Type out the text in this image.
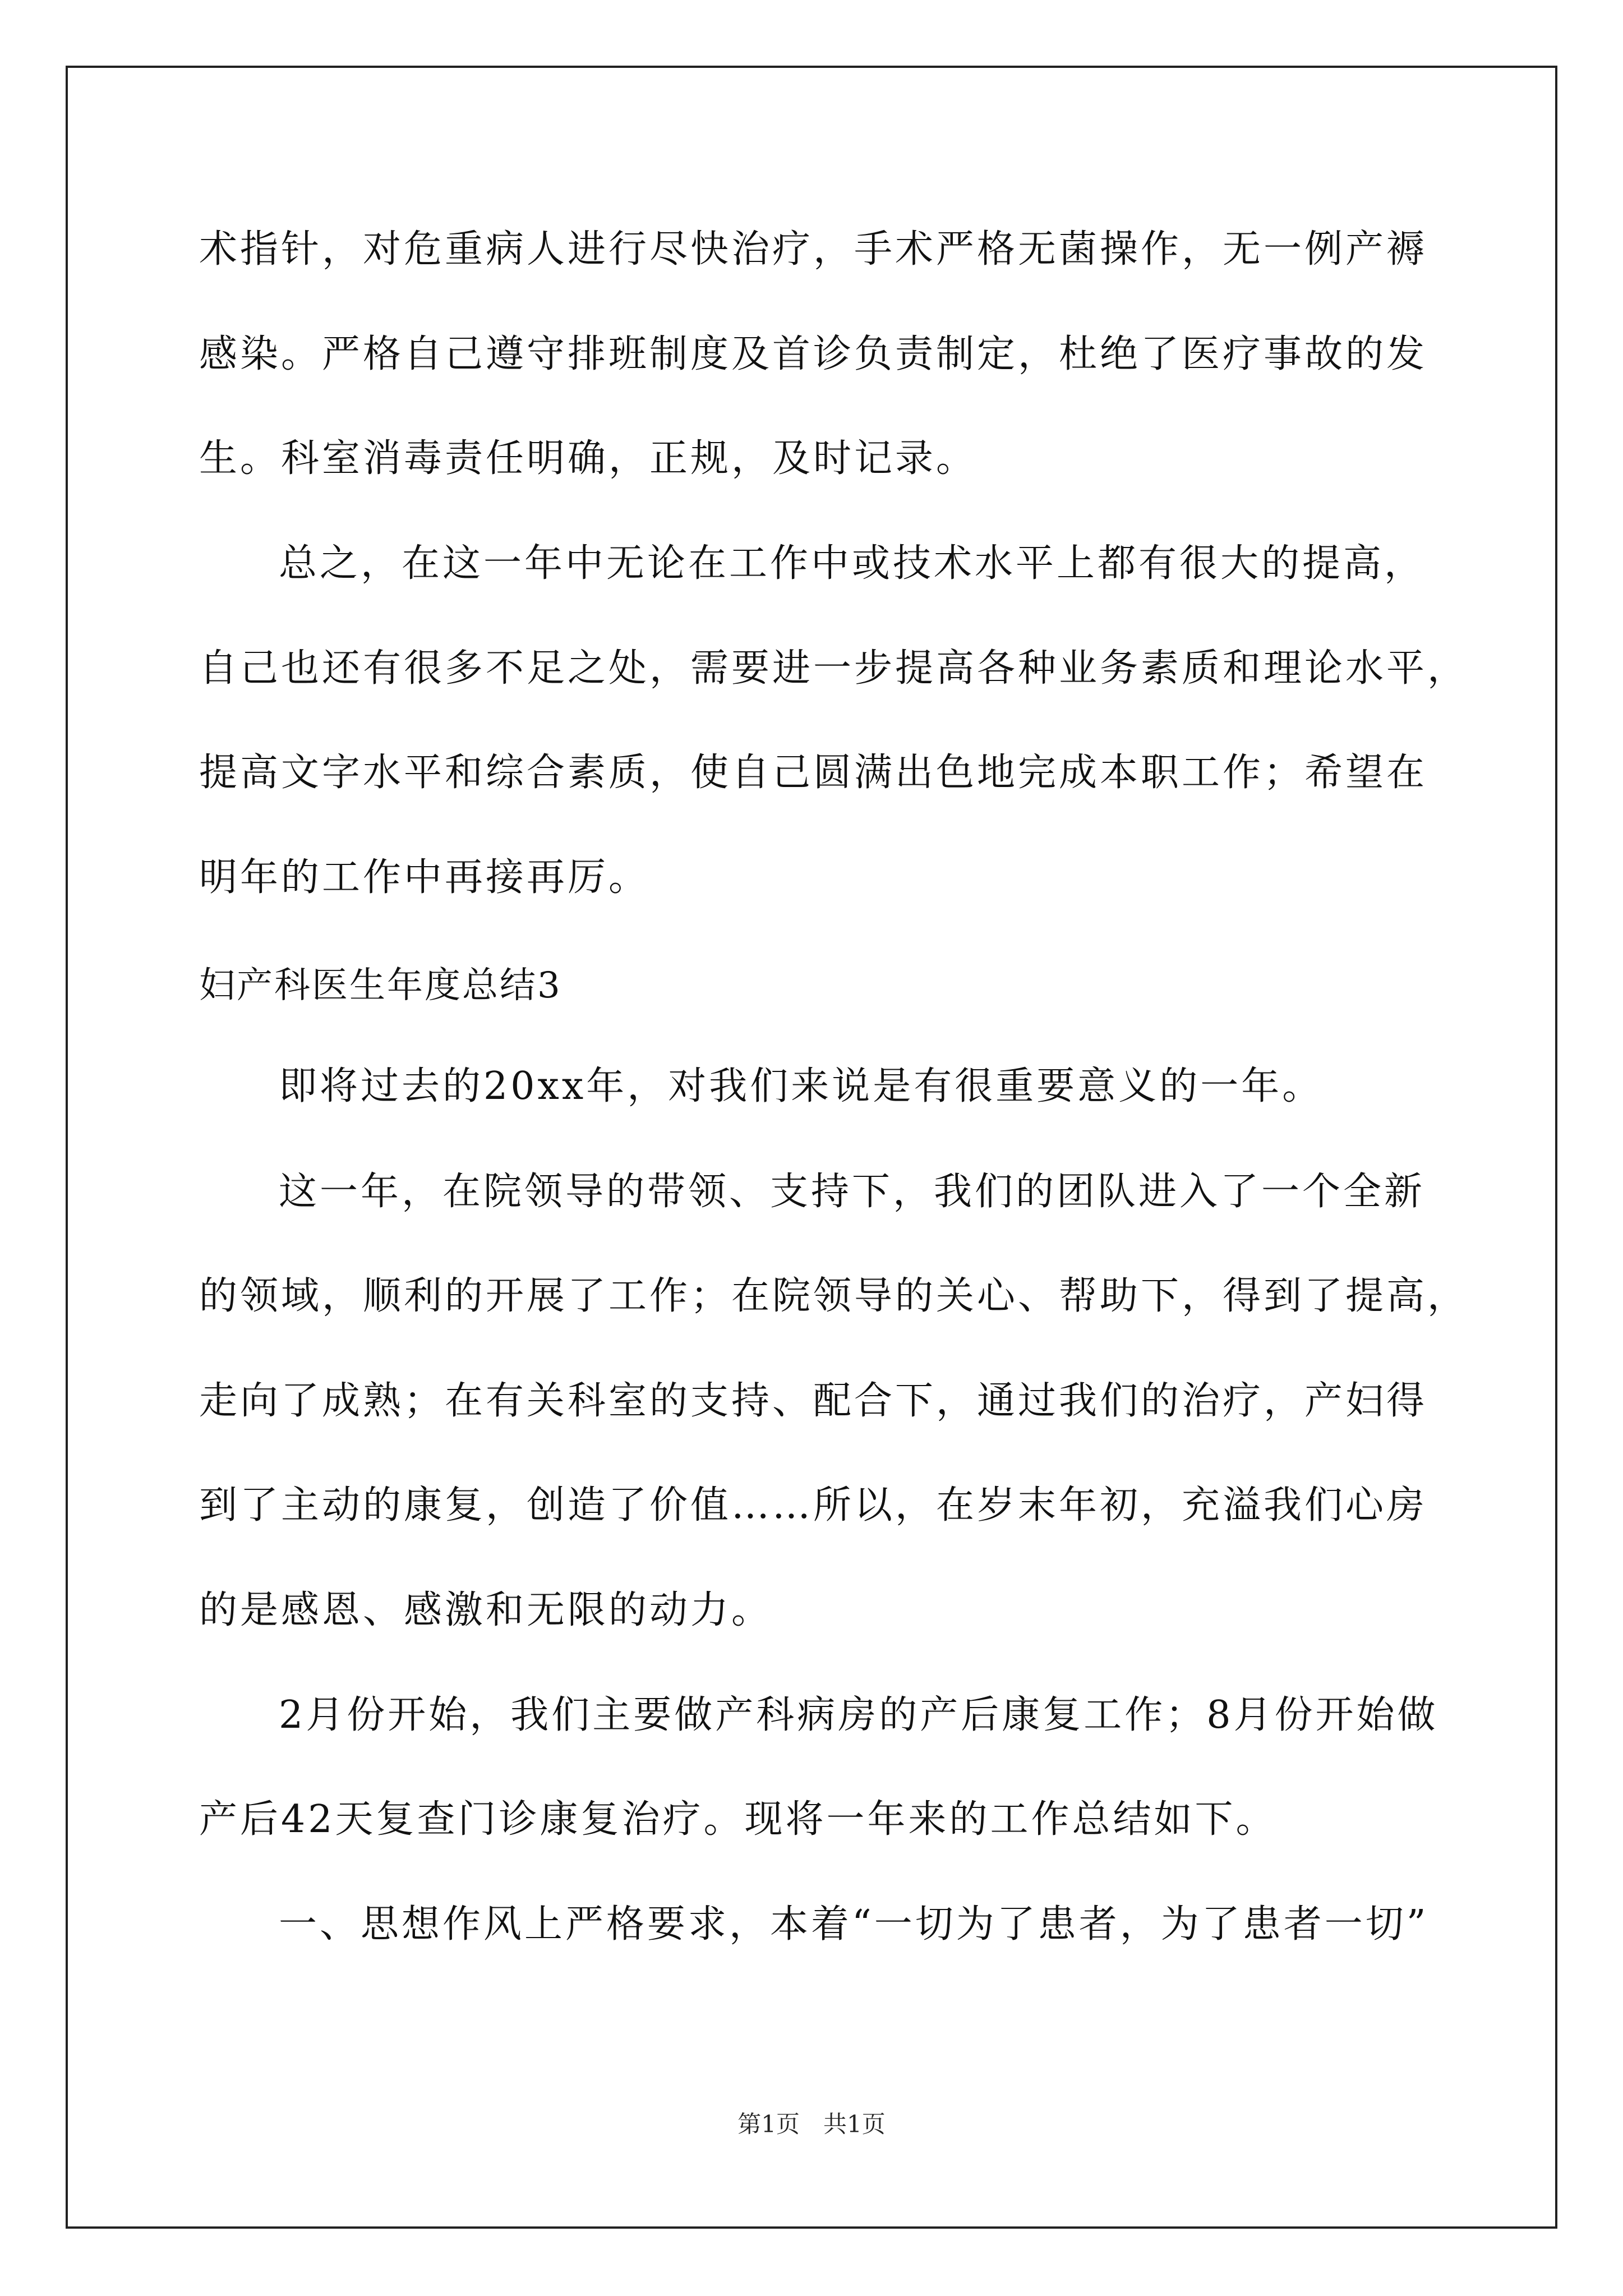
术指针，对危重病人进行尽快治疗，手术严格无菌操作，无一例产褥
感染。严格自己遵守排班制度及首诊负责制定，杜绝了医疗事故的发
生。科室消毒责任明确，正规，及时记录。
总之，在这一年中无论在工作中或技术水平上都有很大的提高，
自己也还有很多不足之处，需要进一步提高各种业务素质和理论水平，
提高文字水平和综合素质，使自己圆满出色地完成本职工作；希望在
明年的工作中再接再厉。
妇产科医生年度总结3
即将过去的20xx年，对我们来说是有很重要意义的一年。
这一年，在院领导的带领、支持下，我们的团队进入了一个全新
的领域，顺利的开展了工作；在院领导的关心、帮助下，得到了提高，
走向了成熟；在有关科室的支持、配合下，通过我们的治疗，产妇得
到了主动的康复，创造了价值……所以，在岁末年初，充溢我们心房
的是感恩、感激和无限的动力。
2月份开始，我们主要做产科病房的产后康复工作；8月份开始做
产后42天复查门诊康复治疗。现将一年来的工作总结如下。
一、思想作风上严格要求，本着“一切为了患者，为了患者一切”
第1页　共1页
